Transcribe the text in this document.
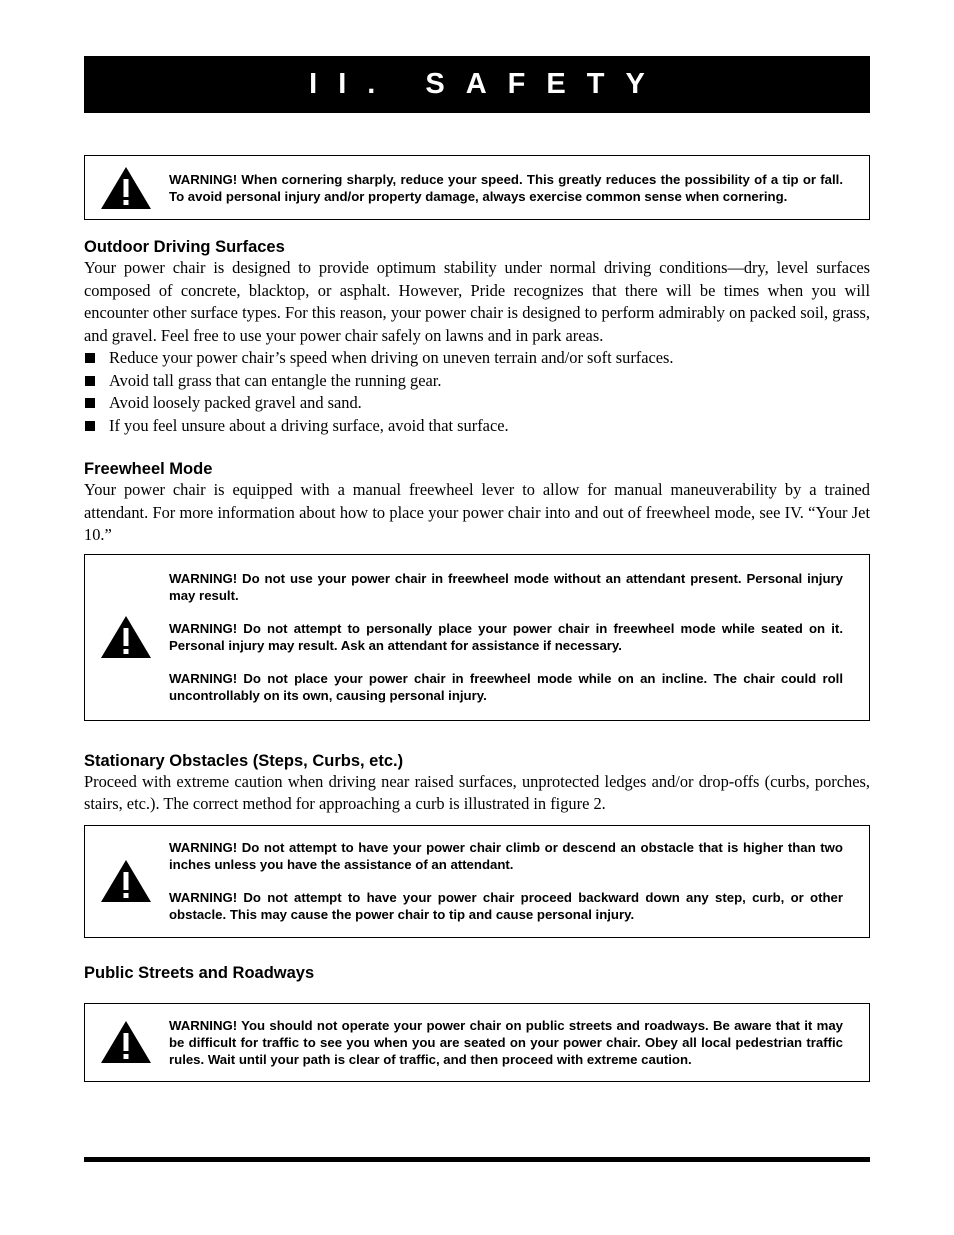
II. SAFETY

WARNING! When cornering sharply, reduce your speed. This greatly reduces the possibility of a tip or fall. To avoid personal injury and/or property damage, always exercise common sense when cornering.

Outdoor Driving Surfaces

Your power chair is designed to provide optimum stability under normal driving conditions—dry, level surfaces composed of concrete, blacktop, or asphalt. However, Pride recognizes that there will be times when you will encounter other surface types. For this reason, your power chair is designed to perform admirably on packed soil, grass, and gravel. Feel free to use your power chair safely on lawns and in park areas.

Reduce your power chair’s speed when driving on uneven terrain and/or soft surfaces.
Avoid tall grass that can entangle the running gear.
Avoid loosely packed gravel and sand.
If you feel unsure about a driving surface, avoid that surface.
Freewheel Mode

Your power chair is equipped with a manual freewheel lever to allow for manual maneuverability by a trained attendant. For more information about how to place your power chair into and out of freewheel mode, see IV. “Your Jet 10.”

WARNING! Do not use your power chair in freewheel mode without an attendant present. Personal injury may result.

WARNING! Do not attempt to personally place your power chair in freewheel mode while seated on it. Personal injury may result. Ask an attendant for assistance if necessary.

WARNING! Do not place your power chair in freewheel mode while on an incline. The chair could roll uncontrollably on its own, causing personal injury.

Stationary Obstacles (Steps, Curbs, etc.)

Proceed with extreme caution when driving near raised surfaces, unprotected ledges and/or drop-offs (curbs, porches, stairs, etc.). The correct method for approaching a curb is illustrated in figure 2.

WARNING! Do not attempt to have your power chair climb or descend an obstacle that is higher than two inches unless you have the assistance of an attendant.

WARNING! Do not attempt to have your power chair proceed backward down any step, curb, or other obstacle. This may cause the power chair to tip and cause personal injury.

Public Streets and Roadways

WARNING! You should not operate your power chair on public streets and roadways. Be aware that it may be difficult for traffic to see you when you are seated on your power chair. Obey all local pedestrian traffic rules. Wait until your path is clear of traffic, and then proceed with extreme caution.
